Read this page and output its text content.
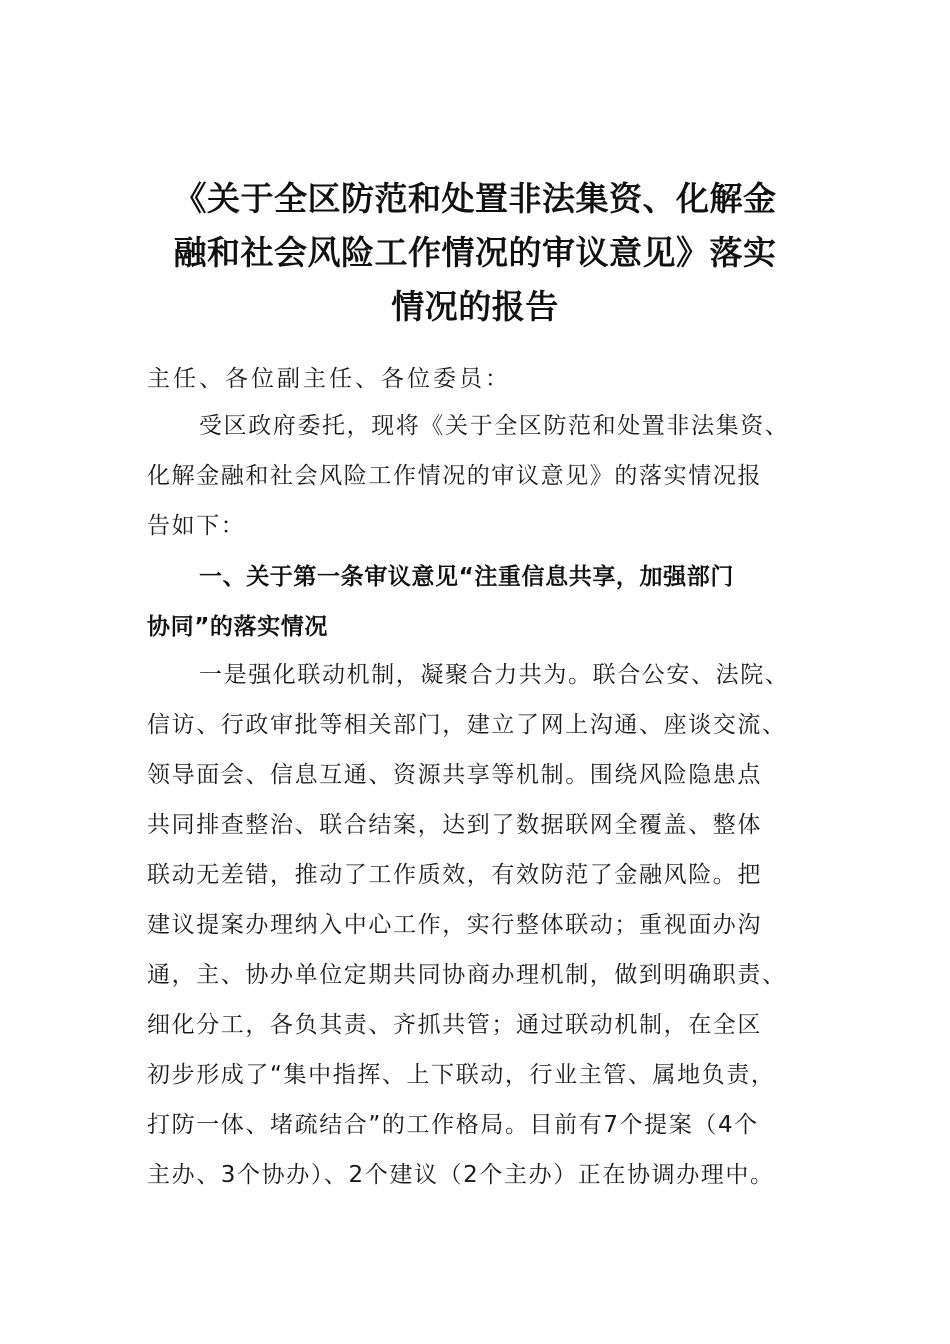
《关于全区防范和处置非法集资、化解金
融和社会风险工作情况的审议意见》落实
情况的报告
主任、各位副主任、各位委员：
受区政府委托，现将《关于全区防范和处置非法集资、
化解金融和社会风险工作情况的审议意见》的落实情况报
告如下：
一、关于第一条审议意见“注重信息共享，加强部门
协同”的落实情况
一是强化联动机制，凝聚合力共为。联合公安、法院、
信访、行政审批等相关部门，建立了网上沟通、座谈交流、
领导面会、信息互通、资源共享等机制。围绕风险隐患点
共同排查整治、联合结案，达到了数据联网全覆盖、整体
联动无差错，推动了工作质效，有效防范了金融风险。把
建议提案办理纳入中心工作，实行整体联动；重视面办沟
通，主、协办单位定期共同协商办理机制，做到明确职责、
细化分工，各负其责、齐抓共管；通过联动机制，在全区
初步形成了“集中指挥、上下联动，行业主管、属地负责，
打防一体、堵疏结合”的工作格局。目前有7个提案（4个
主办、3个协办）、2个建议（2个主办）正在协调办理中。
